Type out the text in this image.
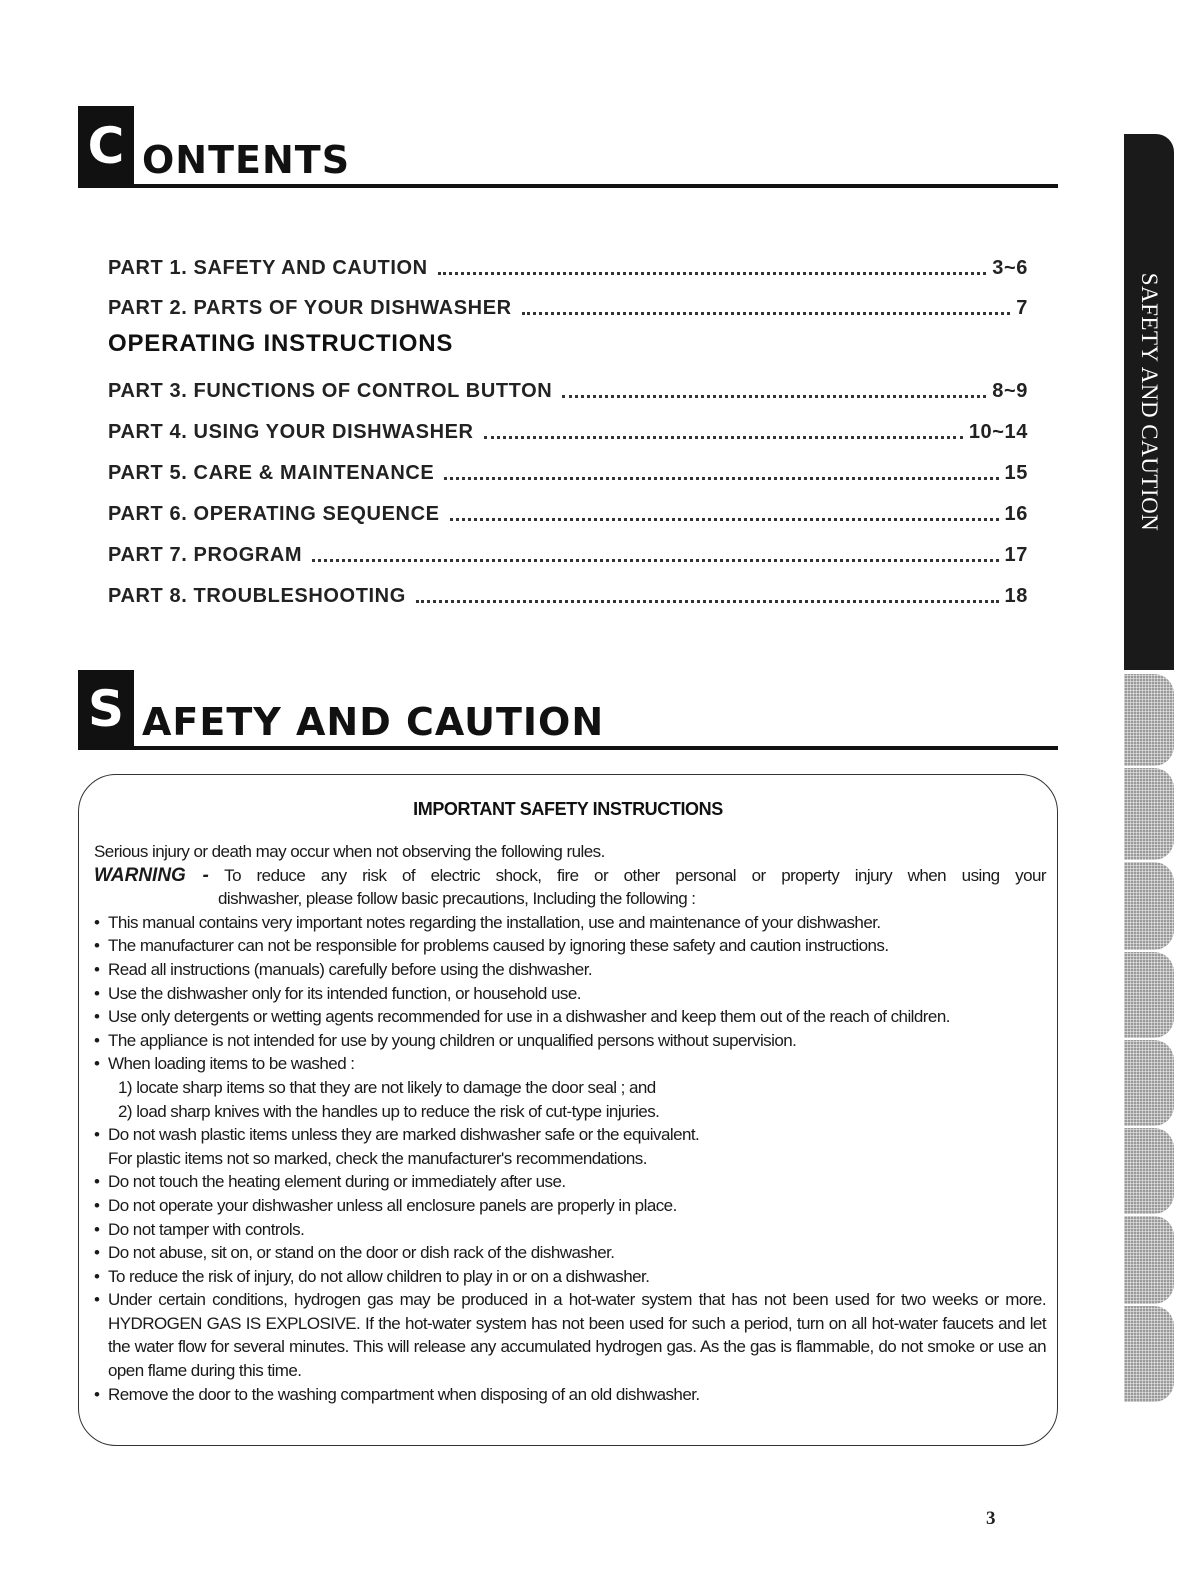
C ONTENTS
PART 1. SAFETY AND CAUTION	3~6
PART 2. PARTS OF YOUR DISHWASHER	7
OPERATING INSTRUCTIONS
PART 3. FUNCTIONS OF CONTROL BUTTON	8~9
PART 4. USING YOUR DISHWASHER	10~14
PART 5. CARE & MAINTENANCE	15
PART 6. OPERATING SEQUENCE	16
PART 7. PROGRAM	17
PART 8. TROUBLESHOOTING	18
SAFETY AND CAUTION
S AFETY AND CAUTION
IMPORTANT SAFETY INSTRUCTIONS

Serious injury or death may occur when not observing the following rules.

WARNING - To reduce any risk of electric shock, fire or other personal or property injury when using your

dishwasher, please follow basic precautions, Including the following :

• This manual contains very important notes regarding the installation, use and maintenance of your dishwasher.

• The manufacturer can not be responsible for problems caused by ignoring these safety and caution instructions.

• Read all instructions (manuals) carefully before using the dishwasher.

• Use the dishwasher only for its intended function, or household use.

• Use only detergents or wetting agents recommended for use in a dishwasher and keep them out of the reach of children.

• The appliance is not intended for use by young children or unqualified persons without supervision.

• When loading items to be washed :

1) locate sharp items so that they are not likely to damage the door seal ; and

2) load sharp knives with the handles up to reduce the risk of cut-type injuries.

• Do not wash plastic items unless they are marked dishwasher safe or the equivalent.

For plastic items not so marked, check the manufacturer's recommendations.

• Do not touch the heating element during or immediately after use.

• Do not operate your dishwasher unless all enclosure panels are properly in place.

• Do not tamper with controls.

• Do not abuse, sit on, or stand on the door or dish rack of the dishwasher.

• To reduce the risk of injury, do not allow children to play in or on a dishwasher.

• Under certain conditions, hydrogen gas may be produced in a hot-water system that has not been used for two weeks or more. HYDROGEN GAS IS EXPLOSIVE. If the hot-water system has not been used for such a period, turn on all hot-water faucets and let the water flow for several minutes. This will release any accumulated hydrogen gas. As the gas is flammable, do not smoke or use an open flame during this time.

• Remove the door to the washing compartment when disposing of an old dishwasher.

3
